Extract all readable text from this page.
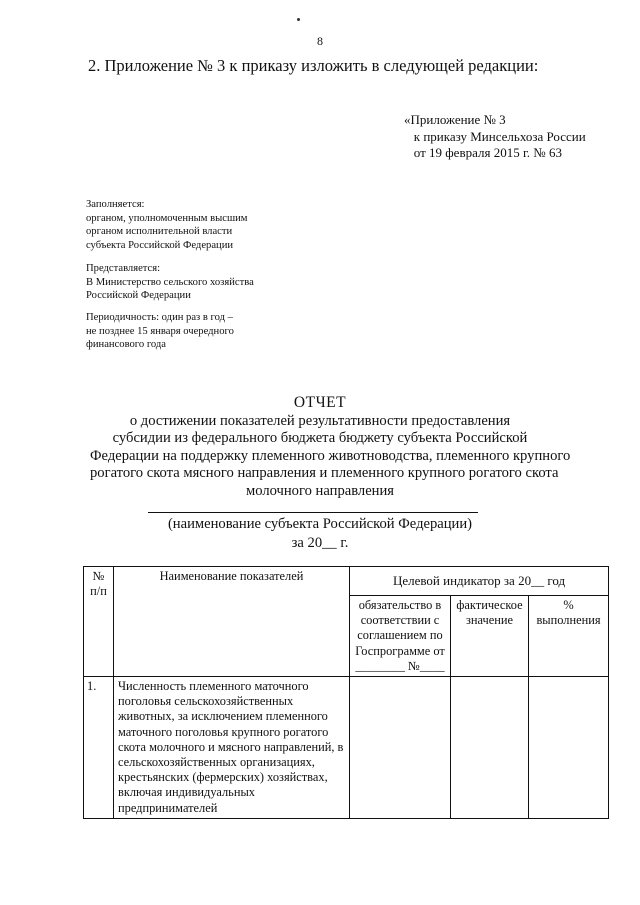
8
2. Приложение № 3 к приказу изложить в следующей редакции:
«Приложение № 3
к приказу Минсельхоза России
от 19 февраля 2015 г. № 63
Заполняется:
органом, уполномоченным высшим
органом исполнительной власти
субъекта Российской Федерации
Представляется:
В Министерство сельского хозяйства
Российской Федерации
Периодичность: один раз в год –
не позднее 15 января очередного
финансового года
ОТЧЕТ
о достижении показателей результативности предоставления
субсидии из федерального бюджета бюджету субъекта Российской
Федерации на поддержку племенного животноводства, племенного крупного
рогатого скота мясного направления и племенного крупного рогатого скота
молочного направления
(наименование субъекта Российской Федерации)
за 20__ г.
№ п/п	Наименование показателей	Целевой индикатор за 20__ год		
		обязательство в соответствии с соглашением по Госпрограмме от ________ №____	фактическое значение	% выполнения
1.	Численность племенного маточного поголовья сельскохозяйственных животных, за исключением племенного маточного поголовья крупного рогатого скота молочного и мясного направлений, в сельскохозяйственных организациях, крестьянских (фермерских) хозяйствах, включая индивидуальных предпринимателей			
